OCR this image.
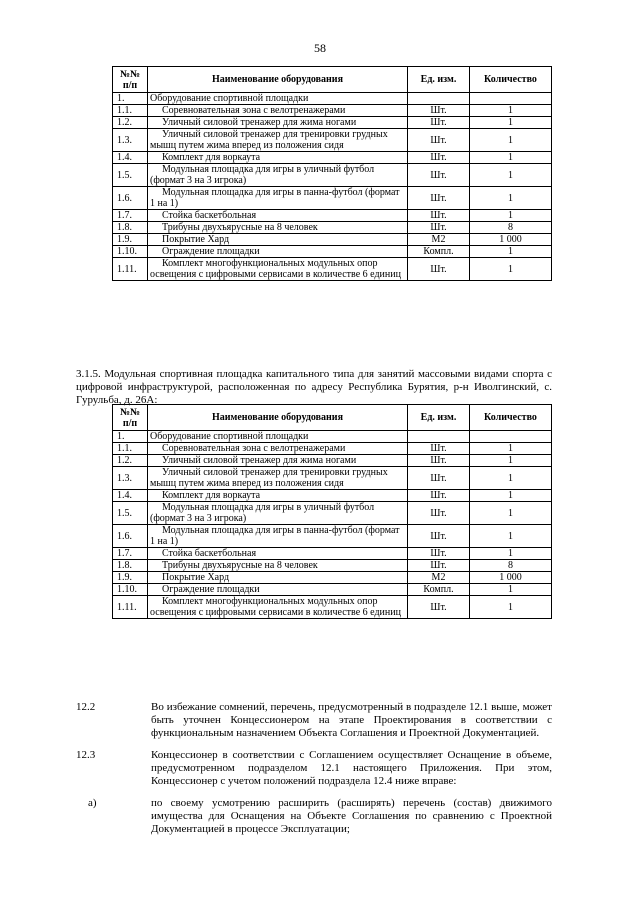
58
№№ п/п	Наименование оборудования	Ед. изм.	Количество
1.	Оборудование спортивной площадки		
1.1.	Соревновательная зона с велотренажерами	Шт.	1
1.2.	Уличный силовой тренажер для жима ногами	Шт.	1
1.3.	Уличный силовой тренажер для тренировки грудных мышц путем жима вперед из положения сидя	Шт.	1
1.4.	Комплект для воркаута	Шт.	1
1.5.	Модульная площадка для игры в уличный футбол (формат 3 на 3 игрока)	Шт.	1
1.6.	Модульная площадка для игры в панна-футбол (формат 1 на 1)	Шт.	1
1.7.	Стойка баскетбольная	Шт.	1
1.8.	Трибуны двухъярусные на 8 человек	Шт.	8
1.9.	Покрытие Хард	М2	1 000
1.10.	Ограждение площадки	Компл.	1
1.11.	Комплект многофункциональных модульных опор освещения с цифровыми сервисами в количестве 6 единиц	Шт.	1
3.1.5. Модульная спортивная площадка капитального типа для занятий массовыми видами спорта с цифровой инфраструктурой, расположенная по адресу Республика Бурятия, р-н Иволгинский, с. Гурульба, д. 26А:
№№ п/п	Наименование оборудования	Ед. изм.	Количество
1.	Оборудование спортивной площадки		
1.1.	Соревновательная зона с велотренажерами	Шт.	1
1.2.	Уличный силовой тренажер для жима ногами	Шт.	1
1.3.	Уличный силовой тренажер для тренировки грудных мышц путем жима вперед из положения сидя	Шт.	1
1.4.	Комплект для воркаута	Шт.	1
1.5.	Модульная площадка для игры в уличный футбол (формат 3 на 3 игрока)	Шт.	1
1.6.	Модульная площадка для игры в панна-футбол (формат 1 на 1)	Шт.	1
1.7.	Стойка баскетбольная	Шт.	1
1.8.	Трибуны двухъярусные на 8 человек	Шт.	8
1.9.	Покрытие Хард	М2	1 000
1.10.	Ограждение площадки	Компл.	1
1.11.	Комплект многофункциональных модульных опор освещения с цифровыми сервисами в количестве 6 единиц	Шт.	1
12.2	Во избежание сомнений, перечень, предусмотренный в подразделе 12.1 выше, может быть уточнен Концессионером на этапе Проектирования в соответствии с функциональным назначением Объекта Соглашения и Проектной Документацией.
12.3	Концессионер в соответствии с Соглашением осуществляет Оснащение в объеме, предусмотренном подразделом 12.1 настоящего Приложения. При этом, Концессионер с учетом положений подраздела 12.4 ниже вправе:
а)	по своему усмотрению расширить (расширять) перечень (состав) движимого имущества для Оснащения на Объекте Соглашения по сравнению с Проектной Документацией в процессе Эксплуатации;
